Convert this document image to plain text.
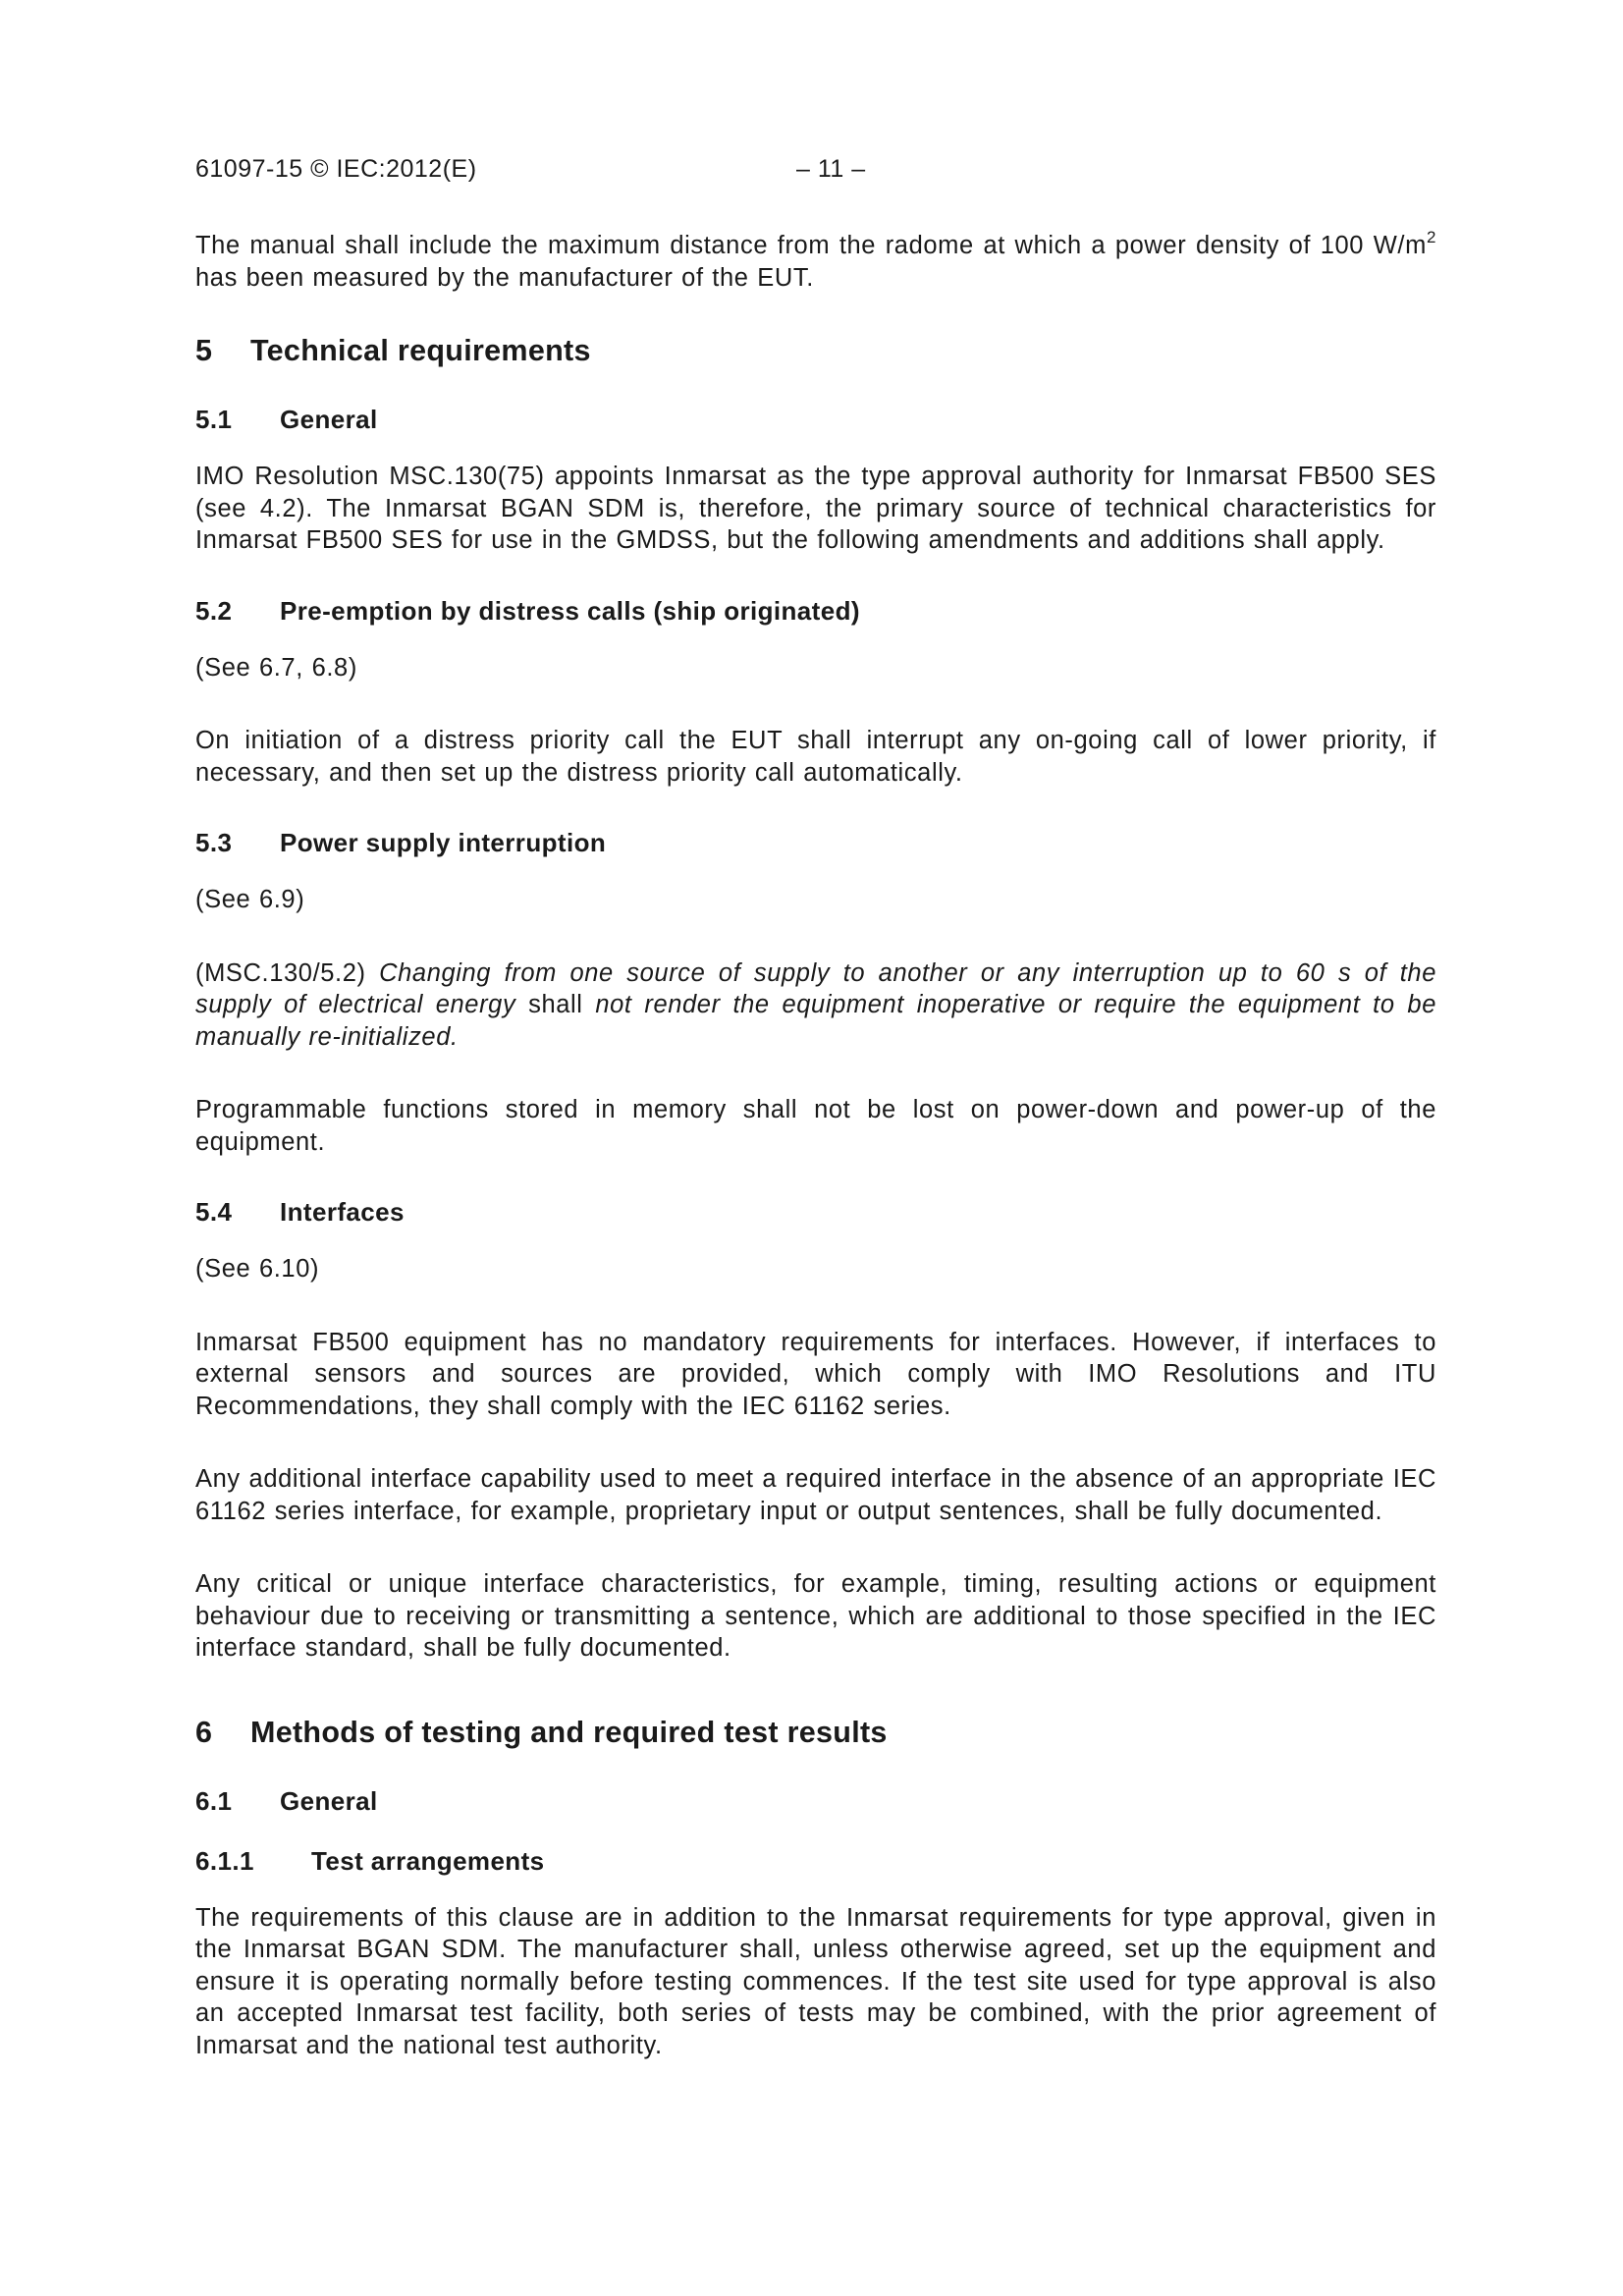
61097-15 © IEC:2012(E)	– 11 –

The manual shall include the maximum distance from the radome at which a power density of 100 $W/m^2$ has been measured by the manufacturer of the EUT.

5	Technical requirements
5.1	General

IMO Resolution MSC.130(75) appoints Inmarsat as the type approval authority for Inmarsat FB500 SES (see 4.2). The Inmarsat BGAN SDM is, therefore, the primary source of technical characteristics for Inmarsat FB500 SES for use in the GMDSS, but the following amendments and additions shall apply.

5.2	Pre-emption by distress calls (ship originated)

(See 6.7, 6.8)

On initiation of a distress priority call the EUT shall interrupt any on-going call of lower priority, if necessary, and then set up the distress priority call automatically.

5.3	Power supply interruption

(See 6.9)

(MSC.130/5.2) Changing from one source of supply to another or any interruption up to 60 s of the supply of electrical energy shall not render the equipment inoperative or require the equipment to be manually re-initialized.

Programmable functions stored in memory shall not be lost on power-down and power-up of the equipment.

5.4	Interfaces

(See 6.10)

Inmarsat FB500 equipment has no mandatory requirements for interfaces. However, if interfaces to external sensors and sources are provided, which comply with IMO Resolutions and ITU Recommendations, they shall comply with the IEC 61162 series.

Any additional interface capability used to meet a required interface in the absence of an appropriate IEC 61162 series interface, for example, proprietary input or output sentences, shall be fully documented.

Any critical or unique interface characteristics, for example, timing, resulting actions or equipment behaviour due to receiving or transmitting a sentence, which are additional to those specified in the IEC interface standard, shall be fully documented.

6	Methods of testing and required test results
6.1	General
6.1.1	Test arrangements

The requirements of this clause are in addition to the Inmarsat requirements for type approval, given in the Inmarsat BGAN SDM. The manufacturer shall, unless otherwise agreed, set up the equipment and ensure it is operating normally before testing commences. If the test site used for type approval is also an accepted Inmarsat test facility, both series of tests may be combined, with the prior agreement of Inmarsat and the national test authority.
